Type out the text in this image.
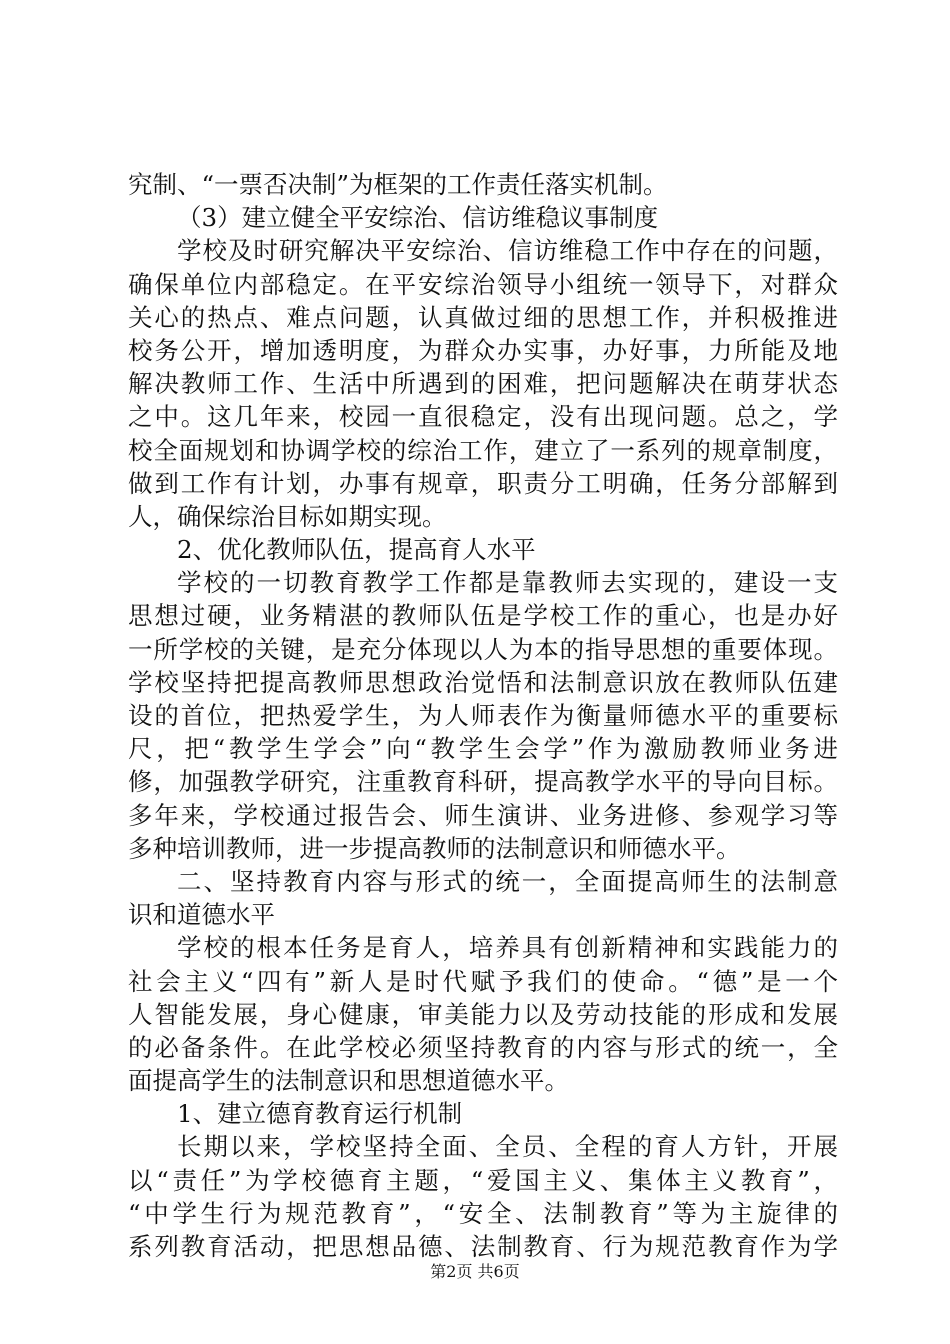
究制、“一票否决制”为框架的工作责任落实机制。
（3）建立健全平安综治、信访维稳议事制度
学校及时研究解决平安综治、信访维稳工作中存在的问题，
确保单位内部稳定。在平安综治领导小组统一领导下，对群众
关心的热点、难点问题，认真做过细的思想工作，并积极推进
校务公开，增加透明度，为群众办实事，办好事，力所能及地
解决教师工作、生活中所遇到的困难，把问题解决在萌芽状态
之中。这几年来，校园一直很稳定，没有出现问题。总之，学
校全面规划和协调学校的综治工作，建立了一系列的规章制度，
做到工作有计划，办事有规章，职责分工明确，任务分部解到
人，确保综治目标如期实现。
2、优化教师队伍，提高育人水平
学校的一切教育教学工作都是靠教师去实现的，建设一支
思想过硬，业务精湛的教师队伍是学校工作的重心，也是办好
一所学校的关键，是充分体现以人为本的指导思想的重要体现。
学校坚持把提高教师思想政治觉悟和法制意识放在教师队伍建
设的首位，把热爱学生，为人师表作为衡量师德水平的重要标
尺，把“教学生学会”向“教学生会学”作为激励教师业务进
修，加强教学研究，注重教育科研，提高教学水平的导向目标。
多年来，学校通过报告会、师生演讲、业务进修、参观学习等
多种培训教师，进一步提高教师的法制意识和师德水平。
二、坚持教育内容与形式的统一，全面提高师生的法制意
识和道德水平
学校的根本任务是育人，培养具有创新精神和实践能力的
社会主义“四有”新人是时代赋予我们的使命。“德”是一个
人智能发展，身心健康，审美能力以及劳动技能的形成和发展
的必备条件。在此学校必须坚持教育的内容与形式的统一，全
面提高学生的法制意识和思想道德水平。
1、建立德育教育运行机制
长期以来，学校坚持全面、全员、全程的育人方针，开展
以“责任”为学校德育主题，“爱国主义、集体主义教育”，
“中学生行为规范教育”，“安全、法制教育”等为主旋律的
系列教育活动，把思想品德、法制教育、行为规范教育作为学
第2页 共6页
